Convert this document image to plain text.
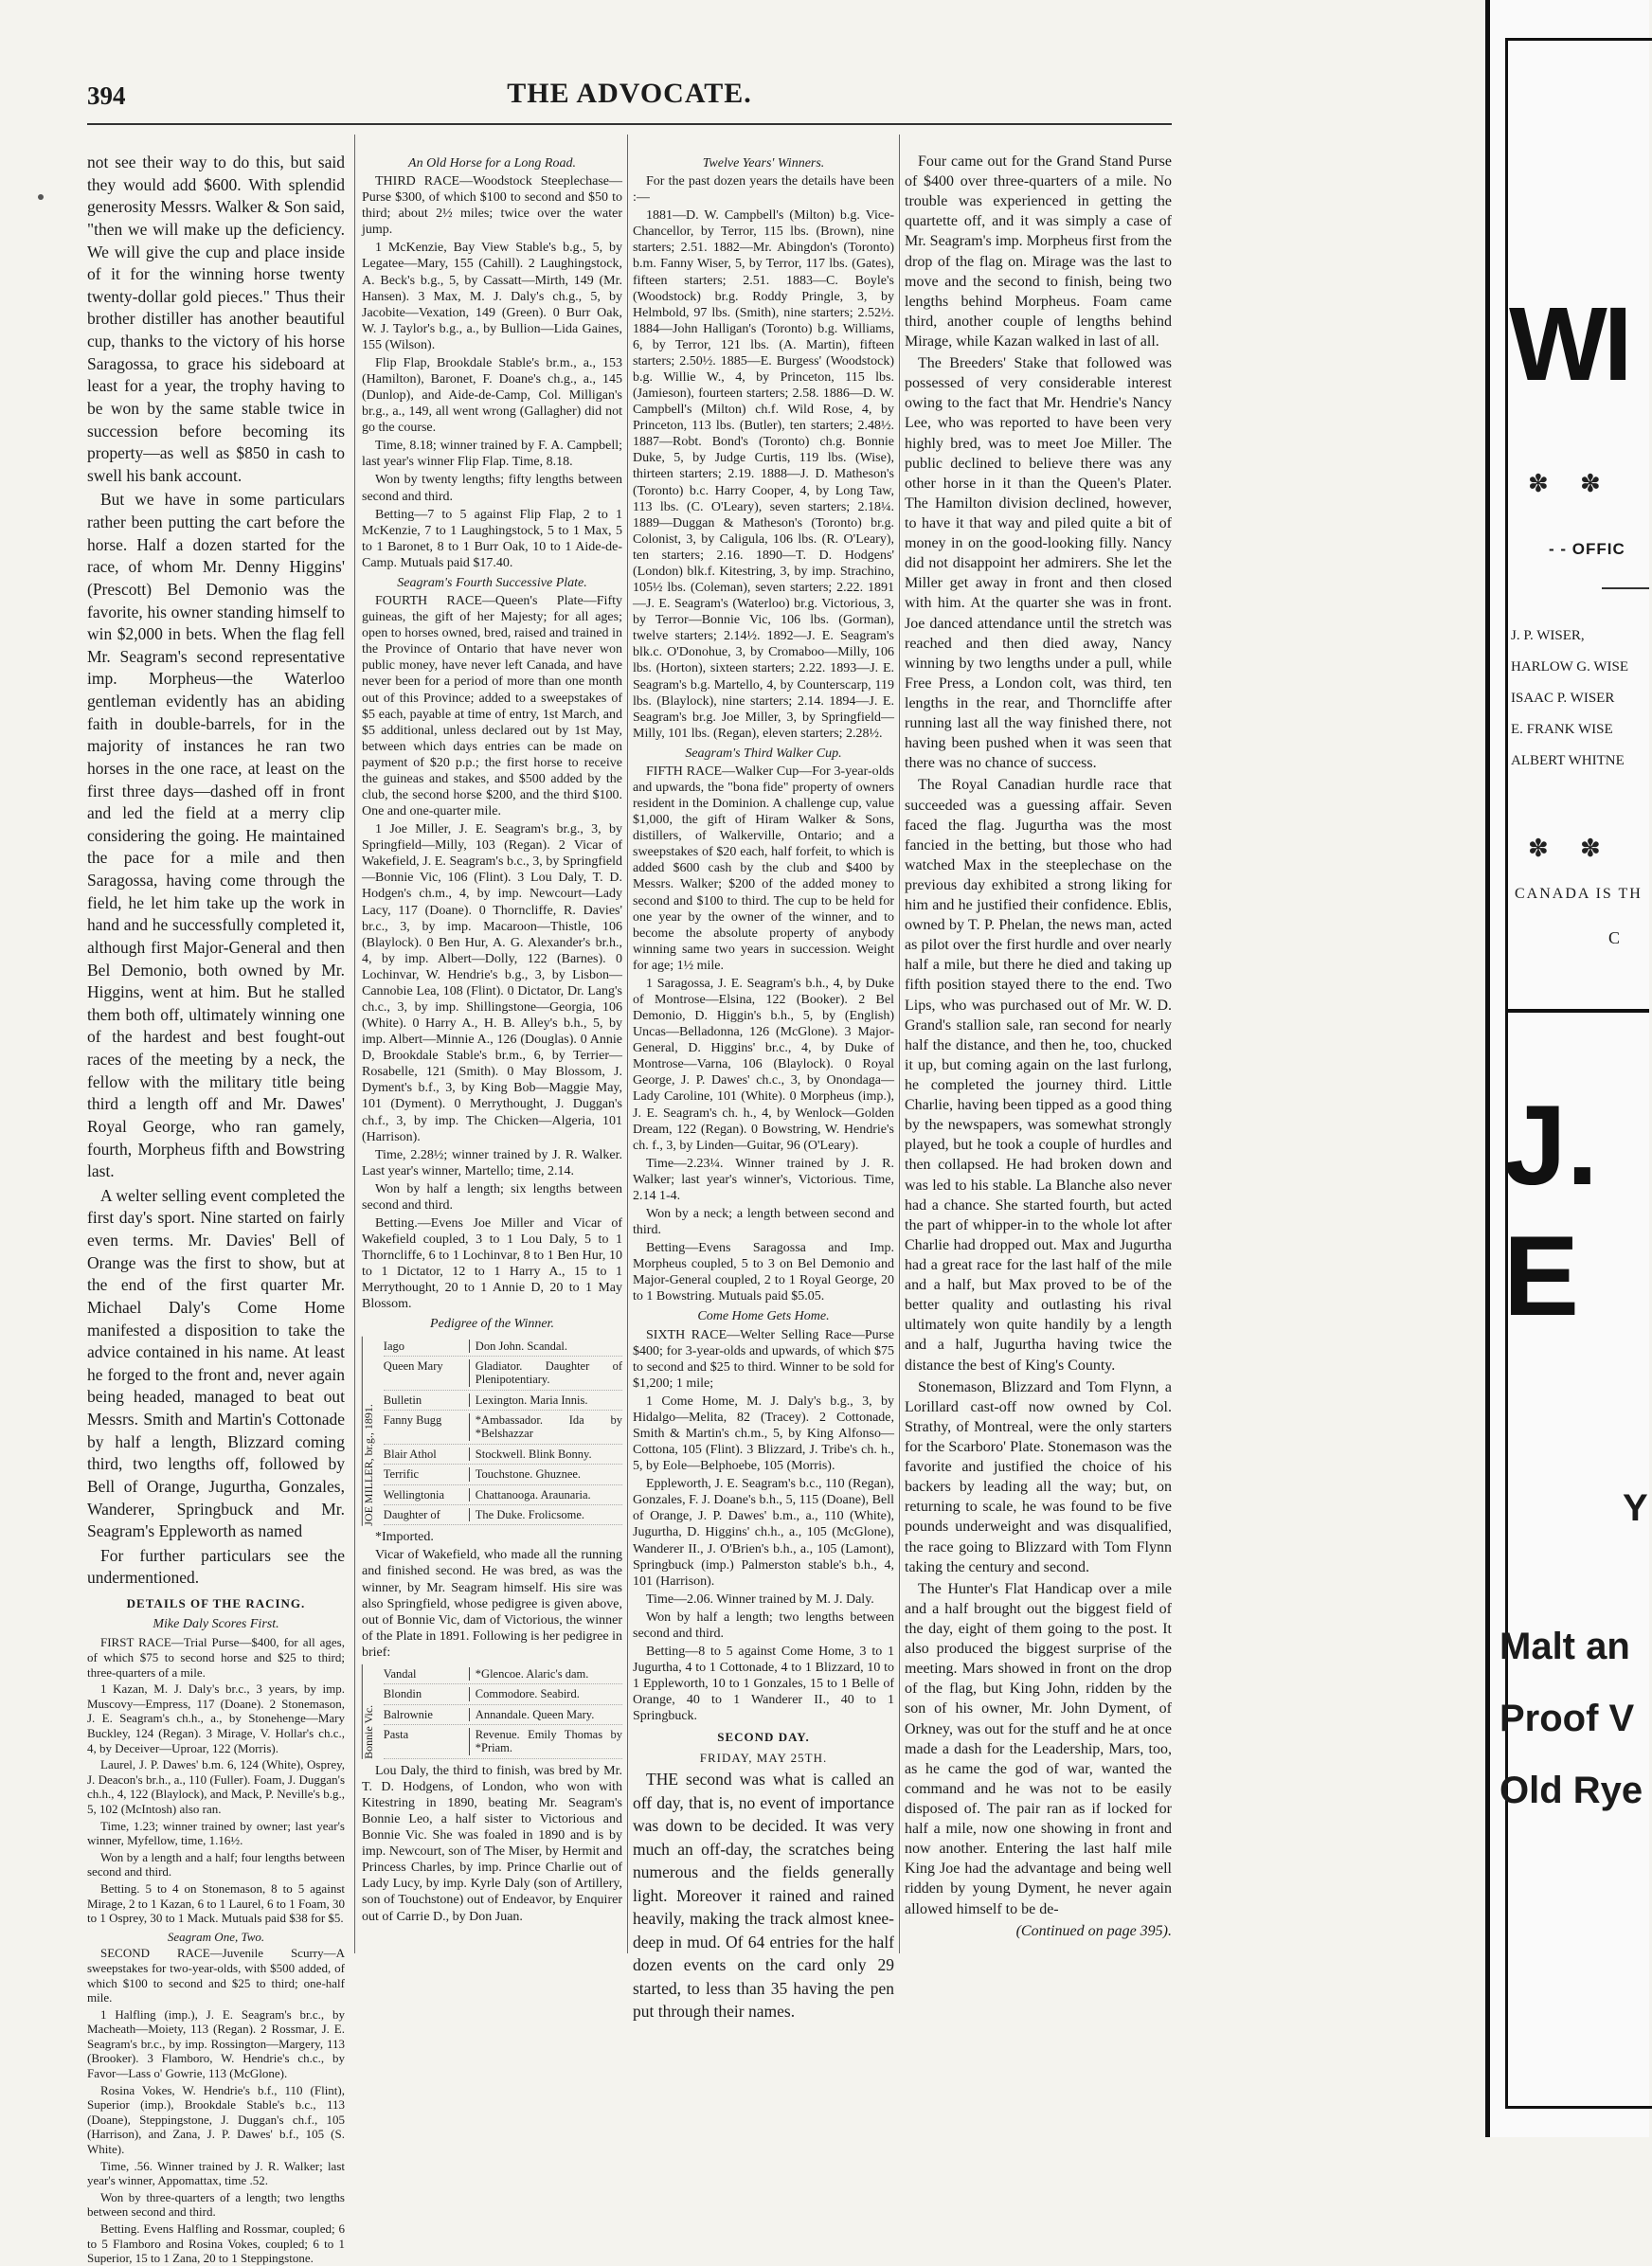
394	THE ADVOCATE.

not see their way to do this, but said they would add $600. With splendid generosity Messrs. Walker & Son said, "then we will make up the deficiency. We will give the cup and place inside of it for the winning horse twenty twenty-dollar gold pieces." Thus their brother distiller has another beautiful cup, thanks to the victory of his horse Saragossa, to grace his sideboard at least for a year, the trophy having to be won by the same stable twice in succession before becoming its property—as well as $850 in cash to swell his bank account.

But we have in some particulars rather been putting the cart before the horse. Half a dozen started for the race, of whom Mr. Denny Higgins' (Prescott) Bel Demonio was the favorite, his owner standing himself to win $2,000 in bets. When the flag fell Mr. Seagram's second representative imp. Morpheus—the Waterloo gentleman evidently has an abiding faith in double-barrels, for in the majority of instances he ran two horses in the one race, at least on the first three days—dashed off in front and led the field at a merry clip considering the going. He maintained the pace for a mile and then Saragossa, having come through the field, he let him take up the work in hand and he successfully completed it, although first Major-General and then Bel Demonio, both owned by Mr. Higgins, went at him. But he stalled them both off, ultimately winning one of the hardest and best fought-out races of the meeting by a neck, the fellow with the military title being third a length off and Mr. Dawes' Royal George, who ran gamely, fourth, Morpheus fifth and Bowstring last.

A welter selling event completed the first day's sport. Nine started on fairly even terms. Mr. Davies' Bell of Orange was the first to show, but at the end of the first quarter Mr. Michael Daly's Come Home manifested a disposition to take the advice contained in his name. At least he forged to the front and, never again being headed, managed to beat out Messrs. Smith and Martin's Cottonade by half a length, Blizzard coming third, two lengths off, followed by Bell of Orange, Jugurtha, Gonzales, Wanderer, Springbuck and Mr. Seagram's Eppleworth as named

For further particulars see the undermentioned.

DETAILS OF THE RACING.
Mike Daly Scores First.

FIRST RACE—Trial Purse—$400, for all ages, of which $75 to second horse and $25 to third; three-quarters of a mile.

1 Kazan, M. J. Daly's br.c., 3 years, by imp. Muscovy—Empress, 117 (Doane). 2 Stonemason, J. E. Seagram's ch.h., a., by Stonehenge—Mary Buckley, 124 (Regan). 3 Mirage, V. Hollar's ch.c., 4, by Deceiver—Uproar, 122 (Morris).

Laurel, J. P. Dawes' b.m. 6, 124 (White), Osprey, J. Deacon's br.h., a., 110 (Fuller). Foam, J. Duggan's ch.h., 4, 122 (Blaylock), and Mack, P. Neville's b.g., 5, 102 (McIntosh) also ran.

Time, 1.23; winner trained by owner; last year's winner, Myfellow, time, 1.16½.

Won by a length and a half; four lengths between second and third.

Betting. 5 to 4 on Stonemason, 8 to 5 against Mirage, 2 to 1 Kazan, 6 to 1 Laurel, 6 to 1 Foam, 30 to 1 Osprey, 30 to 1 Mack. Mutuals paid $38 for $5.

Seagram One, Two.

SECOND RACE—Juvenile Scurry—A sweepstakes for two-year-olds, with $500 added, of which $100 to second and $25 to third; one-half mile.

1 Halfling (imp.), J. E. Seagram's br.c., by Macheath—Moiety, 113 (Regan). 2 Rossmar, J. E. Seagram's br.c., by imp. Rossington—Margery, 113 (Brooker). 3 Flamboro, W. Hendrie's ch.c., by Favor—Lass o' Gowrie, 113 (McGlone).

Rosina Vokes, W. Hendrie's b.f., 110 (Flint), Superior (imp.), Brookdale Stable's b.c., 113 (Doane), Steppingstone, J. Duggan's ch.f., 105 (Harrison), and Zana, J. P. Dawes' b.f., 105 (S. White).

Time, .56. Winner trained by J. R. Walker; last year's winner, Appomattax, time .52.

Won by three-quarters of a length; two lengths between second and third.

Betting. Evens Halfling and Rossmar, coupled; 6 to 5 Flamboro and Rosina Vokes, coupled; 6 to 1 Superior, 15 to 1 Zana, 20 to 1 Steppingstone.

An Old Horse for a Long Road.

THIRD RACE—Woodstock Steeplechase—Purse $300, of which $100 to second and $50 to third; about 2½ miles; twice over the water jump.

1 McKenzie, Bay View Stable's b.g., 5, by Legatee—Mary, 155 (Cahill). 2 Laughingstock, A. Beck's b.g., 5, by Cassatt—Mirth, 149 (Mr. Hansen). 3 Max, M. J. Daly's ch.g., 5, by Jacobite—Vexation, 149 (Green). 0 Burr Oak, W. J. Taylor's b.g., a., by Bullion—Lida Gaines, 155 (Wilson).

Flip Flap, Brookdale Stable's br.m., a., 153 (Hamilton), Baronet, F. Doane's ch.g., a., 145 (Dunlop), and Aide-de-Camp, Col. Milligan's br.g., a., 149, all went wrong (Gallagher) did not go the course.

Time, 8.18; winner trained by F. A. Campbell; last year's winner Flip Flap. Time, 8.18.

Won by twenty lengths; fifty lengths between second and third.

Betting—7 to 5 against Flip Flap, 2 to 1 McKenzie, 7 to 1 Laughingstock, 5 to 1 Max, 5 to 1 Baronet, 8 to 1 Burr Oak, 10 to 1 Aide-de-Camp. Mutuals paid $17.40.

Seagram's Fourth Successive Plate.

FOURTH RACE—Queen's Plate—Fifty guineas, the gift of her Majesty; for all ages; open to horses owned, bred, raised and trained in the Province of Ontario that have never won public money, have never left Canada, and have never been for a period of more than one month out of this Province; added to a sweepstakes of $5 each, payable at time of entry, 1st March, and $5 additional, unless declared out by 1st May, between which days entries can be made on payment of $20 p.p.; the first horse to receive the guineas and stakes, and $500 added by the club, the second horse $200, and the third $100. One and one-quarter mile.

1 Joe Miller, J. E. Seagram's br.g., 3, by Springfield—Milly, 103 (Regan). 2 Vicar of Wakefield, J. E. Seagram's b.c., 3, by Springfield—Bonnie Vic, 106 (Flint). 3 Lou Daly, T. D. Hodgen's ch.m., 4, by imp. Newcourt—Lady Lacy, 117 (Doane). 0 Thorncliffe, R. Davies' br.c., 3, by imp. Macaroon—Thistle, 106 (Blaylock). 0 Ben Hur, A. G. Alexander's br.h., 4, by imp. Albert—Dolly, 122 (Barnes). 0 Lochinvar, W. Hendrie's b.g., 3, by Lisbon—Cannobie Lea, 108 (Flint). 0 Dictator, Dr. Lang's ch.c., 3, by imp. Shillingstone—Georgia, 106 (White). 0 Harry A., H. B. Alley's b.h., 5, by imp. Albert—Minnie A., 126 (Douglas). 0 Annie D, Brookdale Stable's br.m., 6, by Terrier—Rosabelle, 121 (Smith). 0 May Blossom, J. Dyment's b.f., 3, by King Bob—Maggie May, 101 (Dyment). 0 Merrythought, J. Duggan's ch.f., 3, by imp. The Chicken—Algeria, 101 (Harrison).

Time, 2.28½; winner trained by J. R. Walker. Last year's winner, Martello; time, 2.14.

Won by half a length; six lengths between second and third.

Betting.—Evens Joe Miller and Vicar of Wakefield coupled, 3 to 1 Lou Daly, 5 to 1 Thorncliffe, 6 to 1 Lochinvar, 8 to 1 Ben Hur, 10 to 1 Dictator, 12 to 1 Harry A., 15 to 1 Merrythought, 20 to 1 Annie D, 20 to 1 May Blossom.

Pedigree of the Winner.
JOE MILLER, br.g., 1891.
Iago	Don John. Scandal.
Queen Mary	Gladiator. Daughter of Plenipotentiary.
Bulletin	Lexington. Maria Innis.
Fanny Bugg	*Ambassador. Ida by *Belshazzar
Blair Athol	Stockwell. Blink Bonny.
Terrific	Touchstone. Ghuznee.
Wellingtonia	Chattanooga. Araunaria.
Daughter of	The Duke. Frolicsome.

*Imported.

Vicar of Wakefield, who made all the running and finished second. He was bred, as was the winner, by Mr. Seagram himself. His sire was also Springfield, whose pedigree is given above, out of Bonnie Vic, dam of Victorious, the winner of the Plate in 1891. Following is her pedigree in brief:

Bonnie Vic.
Vandal	*Glencoe. Alaric's dam.
Blondin	Commodore. Seabird.
Balrownie	Annandale. Queen Mary.
Pasta	Revenue. Emily Thomas by *Priam.

Lou Daly, the third to finish, was bred by Mr. T. D. Hodgens, of London, who won with Kitestring in 1890, beating Mr. Seagram's Bonnie Leo, a half sister to Victorious and Bonnie Vic. She was foaled in 1890 and is by imp. Newcourt, son of The Miser, by Hermit and Princess Charles, by imp. Prince Charlie out of Lady Lucy, by imp. Kyrle Daly (son of Artillery, son of Touchstone) out of Endeavor, by Enquirer out of Carrie D., by Don Juan.

Twelve Years' Winners.

For the past dozen years the details have been :—

1881—D. W. Campbell's (Milton) b.g. Vice-Chancellor, by Terror, 115 lbs. (Brown), nine starters; 2.51. 1882—Mr. Abingdon's (Toronto) b.m. Fanny Wiser, 5, by Terror, 117 lbs. (Gates), fifteen starters; 2.51. 1883—C. Boyle's (Woodstock) br.g. Roddy Pringle, 3, by Helmbold, 97 lbs. (Smith), nine starters; 2.52½. 1884—John Halligan's (Toronto) b.g. Williams, 6, by Terror, 121 lbs. (A. Martin), fifteen starters; 2.50½. 1885—E. Burgess' (Woodstock) b.g. Willie W., 4, by Princeton, 115 lbs. (Jamieson), fourteen starters; 2.58. 1886—D. W. Campbell's (Milton) ch.f. Wild Rose, 4, by Princeton, 113 lbs. (Butler), ten starters; 2.48½. 1887—Robt. Bond's (Toronto) ch.g. Bonnie Duke, 5, by Judge Curtis, 119 lbs. (Wise), thirteen starters; 2.19. 1888—J. D. Matheson's (Toronto) b.c. Harry Cooper, 4, by Long Taw, 113 lbs. (C. O'Leary), seven starters; 2.18¼. 1889—Duggan & Matheson's (Toronto) br.g. Colonist, 3, by Caligula, 106 lbs. (R. O'Leary), ten starters; 2.16. 1890—T. D. Hodgens' (London) blk.f. Kitestring, 3, by imp. Strachino, 105½ lbs. (Coleman), seven starters; 2.22. 1891—J. E. Seagram's (Waterloo) br.g. Victorious, 3, by Terror—Bonnie Vic, 106 lbs. (Gorman), twelve starters; 2.14½. 1892—J. E. Seagram's blk.c. O'Donohue, 3, by Cromaboo—Milly, 106 lbs. (Horton), sixteen starters; 2.22. 1893—J. E. Seagram's b.g. Martello, 4, by Counterscarp, 119 lbs. (Blaylock), nine starters; 2.14. 1894—J. E. Seagram's br.g. Joe Miller, 3, by Springfield—Milly, 101 lbs. (Regan), eleven starters; 2.28½.

Seagram's Third Walker Cup.

FIFTH RACE—Walker Cup—For 3-year-olds and upwards, the "bona fide" property of owners resident in the Dominion. A challenge cup, value $1,000, the gift of Hiram Walker & Sons, distillers, of Walkerville, Ontario; and a sweepstakes of $20 each, half forfeit, to which is added $600 cash by the club and $400 by Messrs. Walker; $200 of the added money to second and $100 to third. The cup to be held for one year by the owner of the winner, and to become the absolute property of anybody winning same two years in succession. Weight for age; 1½ mile.

1 Saragossa, J. E. Seagram's b.h., 4, by Duke of Montrose—Elsina, 122 (Booker). 2 Bel Demonio, D. Higgin's b.h., 5, by (English) Uncas—Belladonna, 126 (McGlone). 3 Major-General, D. Higgins' br.c., 4, by Duke of Montrose—Varna, 106 (Blaylock). 0 Royal George, J. P. Dawes' ch.c., 3, by Onondaga—Lady Caroline, 101 (White). 0 Morpheus (imp.), J. E. Seagram's ch. h., 4, by Wenlock—Golden Dream, 122 (Regan). 0 Bowstring, W. Hendrie's ch. f., 3, by Linden—Guitar, 96 (O'Leary).

Time—2.23¼. Winner trained by J. R. Walker; last year's winner's, Victorious. Time, 2.14 1-4.

Won by a neck; a length between second and third.

Betting—Evens Saragossa and Imp. Morpheus coupled, 5 to 3 on Bel Demonio and Major-General coupled, 2 to 1 Royal George, 20 to 1 Bowstring. Mutuals paid $5.05.

Come Home Gets Home.

SIXTH RACE—Welter Selling Race—Purse $400; for 3-year-olds and upwards, of which $75 to second and $25 to third. Winner to be sold for $1,200; 1 mile;

1 Come Home, M. J. Daly's b.g., 3, by Hidalgo—Melita, 82 (Tracey). 2 Cottonade, Smith & Martin's ch.m., 5, by King Alfonso—Cottona, 105 (Flint). 3 Blizzard, J. Tribe's ch. h., 5, by Eole—Belphoebe, 105 (Morris).

Eppleworth, J. E. Seagram's b.c., 110 (Regan), Gonzales, F. J. Doane's b.h., 5, 115 (Doane), Bell of Orange, J. P. Dawes' b.m., a., 110 (White), Jugurtha, D. Higgins' ch.h., a., 105 (McGlone), Wanderer II., J. O'Brien's b.h., a., 105 (Lamont), Springbuck (imp.) Palmerston stable's b.h., 4, 101 (Harrison).

Time—2.06. Winner trained by M. J. Daly.

Won by half a length; two lengths between second and third.

Betting—8 to 5 against Come Home, 3 to 1 Jugurtha, 4 to 1 Cottonade, 4 to 1 Blizzard, 10 to 1 Eppleworth, 10 to 1 Gonzales, 15 to 1 Belle of Orange, 40 to 1 Wanderer II., 40 to 1 Springbuck.

SECOND DAY.
FRIDAY, MAY 25TH.

THE second was what is called an off day, that is, no event of importance was down to be decided. It was very much an off-day, the scratches being numerous and the fields generally light. Moreover it rained and rained heavily, making the track almost knee-deep in mud. Of 64 entries for the half dozen events on the card only 29 started, to less than 35 having the pen put through their names.

Four came out for the Grand Stand Purse of $400 over three-quarters of a mile. No trouble was experienced in getting the quartette off, and it was simply a case of Mr. Seagram's imp. Morpheus first from the drop of the flag on. Mirage was the last to move and the second to finish, being two lengths behind Morpheus. Foam came third, another couple of lengths behind Mirage, while Kazan walked in last of all.

The Breeders' Stake that followed was possessed of very considerable interest owing to the fact that Mr. Hendrie's Nancy Lee, who was reported to have been very highly bred, was to meet Joe Miller. The public declined to believe there was any other horse in it than the Queen's Plater. The Hamilton division declined, however, to have it that way and piled quite a bit of money in on the good-looking filly. Nancy did not disappoint her admirers. She let the Miller get away in front and then closed with him. At the quarter she was in front. Joe danced attendance until the stretch was reached and then died away, Nancy winning by two lengths under a pull, while Free Press, a London colt, was third, ten lengths in the rear, and Thorncliffe after running last all the way finished there, not having been pushed when it was seen that there was no chance of success.

The Royal Canadian hurdle race that succeeded was a guessing affair. Seven faced the flag. Jugurtha was the most fancied in the betting, but those who had watched Max in the steeplechase on the previous day exhibited a strong liking for him and he justified their confidence. Eblis, owned by T. P. Phelan, the news man, acted as pilot over the first hurdle and over nearly half a mile, but there he died and taking up fifth position stayed there to the end. Two Lips, who was purchased out of Mr. W. D. Grand's stallion sale, ran second for nearly half the distance, and then he, too, chucked it up, but coming again on the last furlong, he completed the journey third. Little Charlie, having been tipped as a good thing by the newspapers, was somewhat strongly played, but he took a couple of hurdles and then collapsed. He had broken down and was led to his stable. La Blanche also never had a chance. She started fourth, but acted the part of whipper-in to the whole lot after Charlie had dropped out. Max and Jugurtha had a great race for the last half of the mile and a half, but Max proved to be of the better quality and outlasting his rival ultimately won quite handily by a length and a half, Jugurtha having twice the distance the best of King's County.

Stonemason, Blizzard and Tom Flynn, a Lorillard cast-off now owned by Col. Strathy, of Montreal, were the only starters for the Scarboro' Plate. Stonemason was the favorite and justified the choice of his backers by leading all the way; but, on returning to scale, he was found to be five pounds underweight and was disqualified, the race going to Blizzard with Tom Flynn taking the century and second.

The Hunter's Flat Handicap over a mile and a half brought out the biggest field of the day, eight of them going to the post. It also produced the biggest surprise of the meeting. Mars showed in front on the drop of the flag, but King John, ridden by the son of his owner, Mr. John Dyment, of Orkney, was out for the stuff and he at once made a dash for the Leadership, Mars, too, as he came the god of war, wanted the command and he was not to be easily disposed of. The pair ran as if locked for half a mile, now one showing in front and now another. Entering the last half mile King Joe had the advantage and being well ridden by young Dyment, he never again allowed himself to be de-

(Continued on page 395).

WI
✽ ✽
- - OFFIC
J. P. WISER,
HARLOW G. WISE
ISAAC P. WISER
E. FRANK WISE
ALBERT WHITNE
✽ ✽
CANADA IS TH
C
J. E
Y
Malt an
Proof V
Old Rye
